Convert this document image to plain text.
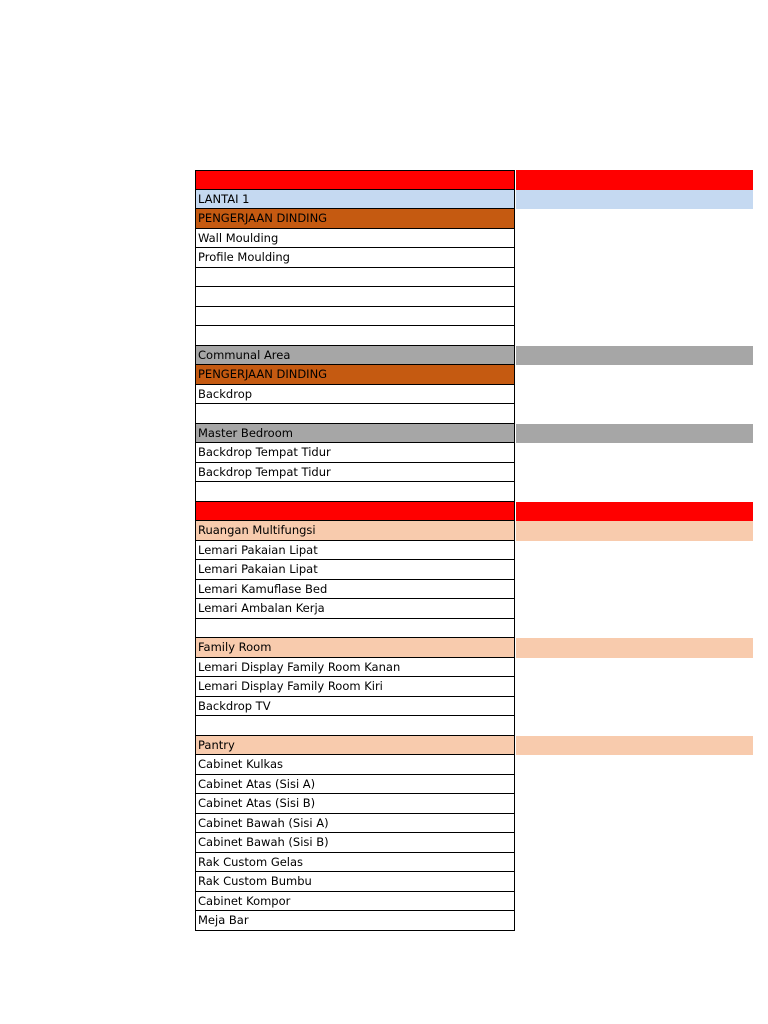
LANTAI 1
PENGERJAAN DINDING
Wall Moulding
Profile Moulding
Communal Area
PENGERJAAN DINDING
Backdrop
Master Bedroom
Backdrop Tempat Tidur
Backdrop Tempat Tidur
Ruangan Multifungsi
Lemari Pakaian Lipat
Lemari Pakaian Lipat
Lemari Kamuflase Bed
Lemari Ambalan Kerja
Family Room
Lemari Display Family Room Kanan
Lemari Display Family Room Kiri
Backdrop TV
Pantry
Cabinet Kulkas
Cabinet Atas (Sisi A)
Cabinet Atas (Sisi B)
Cabinet Bawah (Sisi A)
Cabinet Bawah (Sisi B)
Rak Custom Gelas
Rak Custom Bumbu
Cabinet Kompor
Meja Bar
